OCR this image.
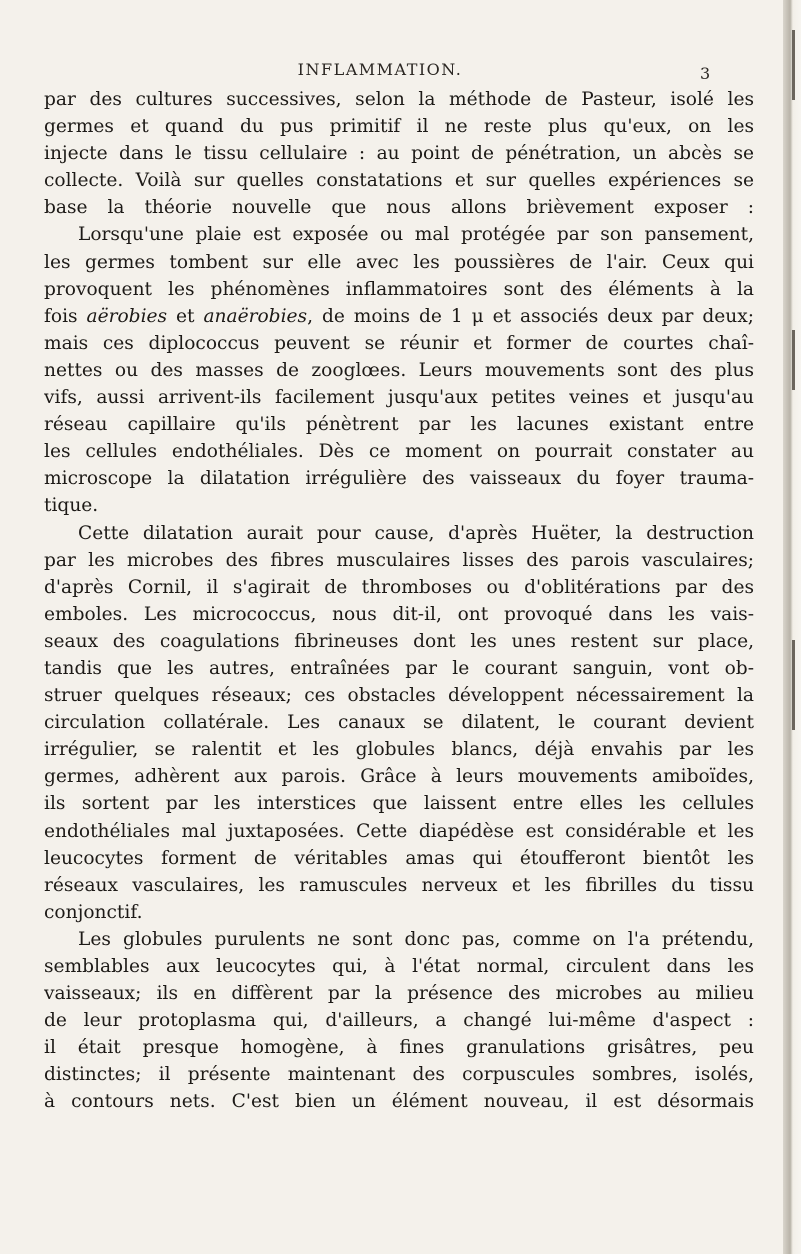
INFLAMMATION.	3
par des cultures successives, selon la méthode de Pasteur, isolé les
germes et quand du pus primitif il ne reste plus qu'eux, on les
injecte dans le tissu cellulaire : au point de pénétration, un abcès se
collecte. Voilà sur quelles constatations et sur quelles expériences se
base la théorie nouvelle que nous allons brièvement exposer :
Lorsqu'une plaie est exposée ou mal protégée par son pansement,
les germes tombent sur elle avec les poussières de l'air. Ceux qui
provoquent les phénomènes inflammatoires sont des éléments à la
fois aërobies et anaërobies, de moins de 1 μ et associés deux par deux;
mais ces diplococcus peuvent se réunir et former de courtes chaî-
nettes ou des masses de zooglœes. Leurs mouvements sont des plus
vifs, aussi arrivent-ils facilement jusqu'aux petites veines et jusqu'au
réseau capillaire qu'ils pénètrent par les lacunes existant entre
les cellules endothéliales. Dès ce moment on pourrait constater au
microscope la dilatation irrégulière des vaisseaux du foyer trauma-
tique.
Cette dilatation aurait pour cause, d'après Huëter, la destruction
par les microbes des fibres musculaires lisses des parois vasculaires;
d'après Cornil, il s'agirait de thromboses ou d'oblitérations par des
emboles. Les micrococcus, nous dit-il, ont provoqué dans les vais-
seaux des coagulations fibrineuses dont les unes restent sur place,
tandis que les autres, entraînées par le courant sanguin, vont ob-
struer quelques réseaux; ces obstacles développent nécessairement la
circulation collatérale. Les canaux se dilatent, le courant devient
irrégulier, se ralentit et les globules blancs, déjà envahis par les
germes, adhèrent aux parois. Grâce à leurs mouvements amiboïdes,
ils sortent par les interstices que laissent entre elles les cellules
endothéliales mal juxtaposées. Cette diapédèse est considérable et les
leucocytes forment de véritables amas qui étoufferont bientôt les
réseaux vasculaires, les ramuscules nerveux et les fibrilles du tissu
conjonctif.
Les globules purulents ne sont donc pas, comme on l'a prétendu,
semblables aux leucocytes qui, à l'état normal, circulent dans les
vaisseaux; ils en diffèrent par la présence des microbes au milieu
de leur protoplasma qui, d'ailleurs, a changé lui-même d'aspect :
il était presque homogène, à fines granulations grisâtres, peu
distinctes; il présente maintenant des corpuscules sombres, isolés,
à contours nets. C'est bien un élément nouveau, il est désormais
